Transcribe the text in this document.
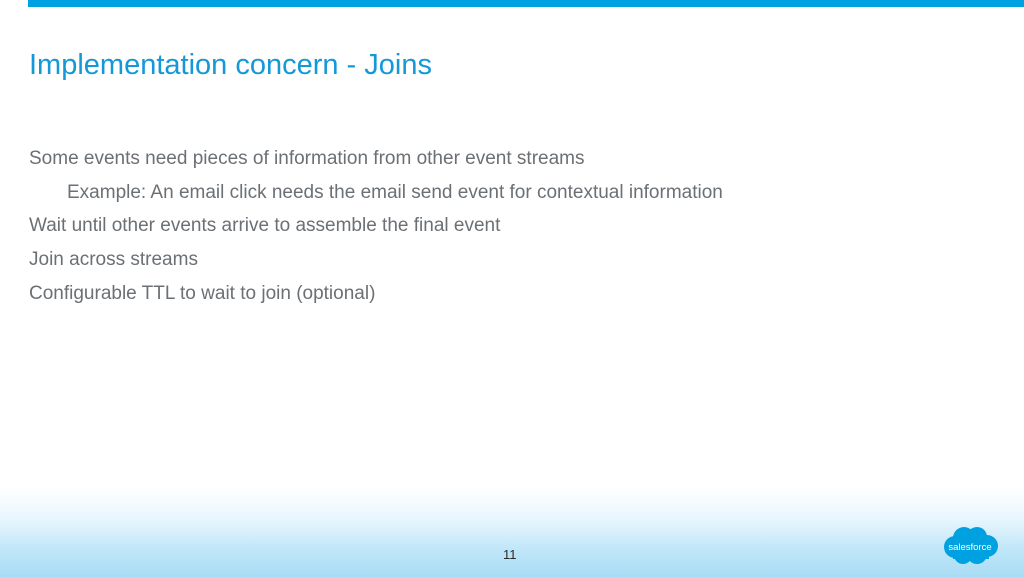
Implementation concern - Joins
Some events need pieces of information from other event streams
Example: An email click needs the email send event for contextual information
Wait until other events arrive to assemble the final event
Join across streams
Configurable TTL to wait to join (optional)
11	salesforce
